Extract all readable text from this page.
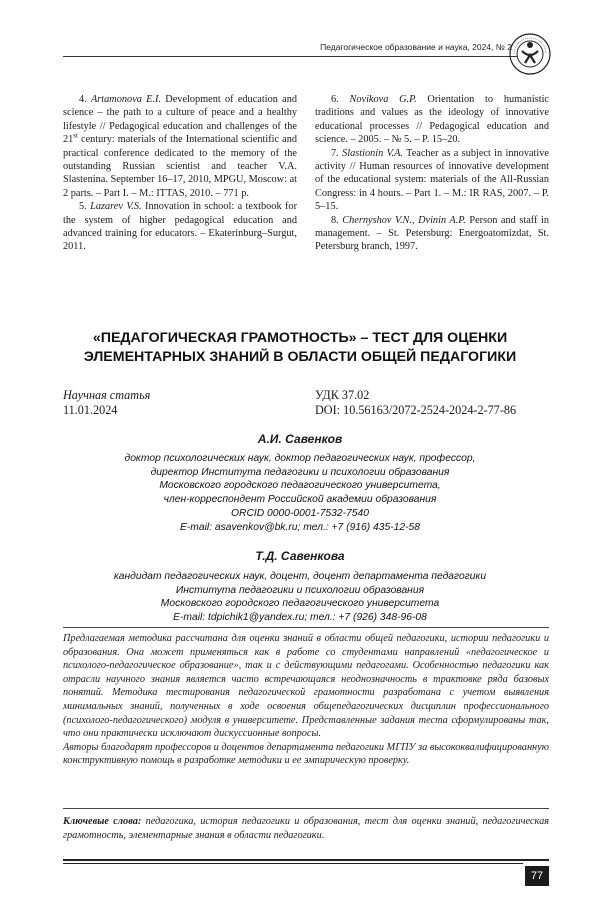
Педагогическое образование и наука, 2024, № 2

4. Artamonova E.I. Development of education and science – the path to a culture of peace and a healthy lifestyle // Pedagogical education and challenges of the 21st century: materials of the International scientific and practical conference dedicated to the memory of the outstanding Russian scientist and teacher V.A. Slastenina. September 16–17, 2010, MPGU, Moscow: at 2 parts. – Part I. – M.: ITTAS, 2010. – 771 p.

5. Lazarev V.S. Innovation in school: a textbook for the system of higher pedagogical education and advanced training for educators. – Ekaterinburg–Surgut, 2011.

6. Novikova G.P. Orientation to humanistic traditions and values as the ideology of innovative educational processes // Pedagogical education and science. – 2005. – № 5. – P. 15–20.

7. Slastionin V.A. Teacher as a subject in innovative activity // Human resources of innovative development of the educational system: materials of the All-Russian Congress: in 4 hours. – Part 1. – M.: IR RAS, 2007. – P. 5–15.

8. Chernyshov V.N., Dvinin A.P. Person and staff in management. – St. Petersburg: Energoatomizdat, St. Petersburg branch, 1997.

«ПЕДАГОГИЧЕСКАЯ ГРАМОТНОСТЬ» – ТЕСТ ДЛЯ ОЦЕНКИ
ЭЛЕМЕНТАРНЫХ ЗНАНИЙ В ОБЛАСТИ ОБЩЕЙ ПЕДАГОГИКИ
Научная статья
11.01.2024
УДК 37.02
DOI: 10.56163/2072-2524-2024-2-77-86
А.И. Савенков
доктор психологических наук, доктор педагогических наук, профессор,
директор Института педагогики и психологии образования
Московского городского педагогического университета,
член-корреспондент Российской академии образования
ORCID 0000-0001-7532-7540
E-mail: asavenkov@bk.ru; тел.: +7 (916) 435-12-58
Т.Д. Савенкова
кандидат педагогических наук, доцент, доцент департамента педагогики
Института педагогики и психологии образования
Московского городского педагогического университета
E-mail: tdpichik1@yandex.ru; тел.: +7 (926) 348-96-08

Предлагаемая методика рассчитана для оценки знаний в области общей педагогики, истории педагогики и образования. Она может применяться как в работе со студентами направлений «педагогическое и психолого-педагогическое образование», так и с действующими педагогами. Особенностью педагогики как отрасли научного знания является часто встречающаяся неоднозначность в трактовке ряда базовых понятий. Методика тестирования педагогической грамотности разработана с учетом выявления минимальных знаний, полученных в ходе освоения общепедагогических дисциплин профессионального (психолого-педагогического) модуля в университете. Представленные задания теста сформулированы так, что они практически исключают дискуссионные вопросы.

Авторы благодарят профессоров и доцентов департамента педагогики МГПУ за высококвалифицированную конструктивную помощь в разработке методики и ее эмпирическую проверку.

Ключевые слова: педагогика, история педагогики и образования, тест для оценки знаний, педагогическая грамотность, элементарные знания в области педагогики.
77
